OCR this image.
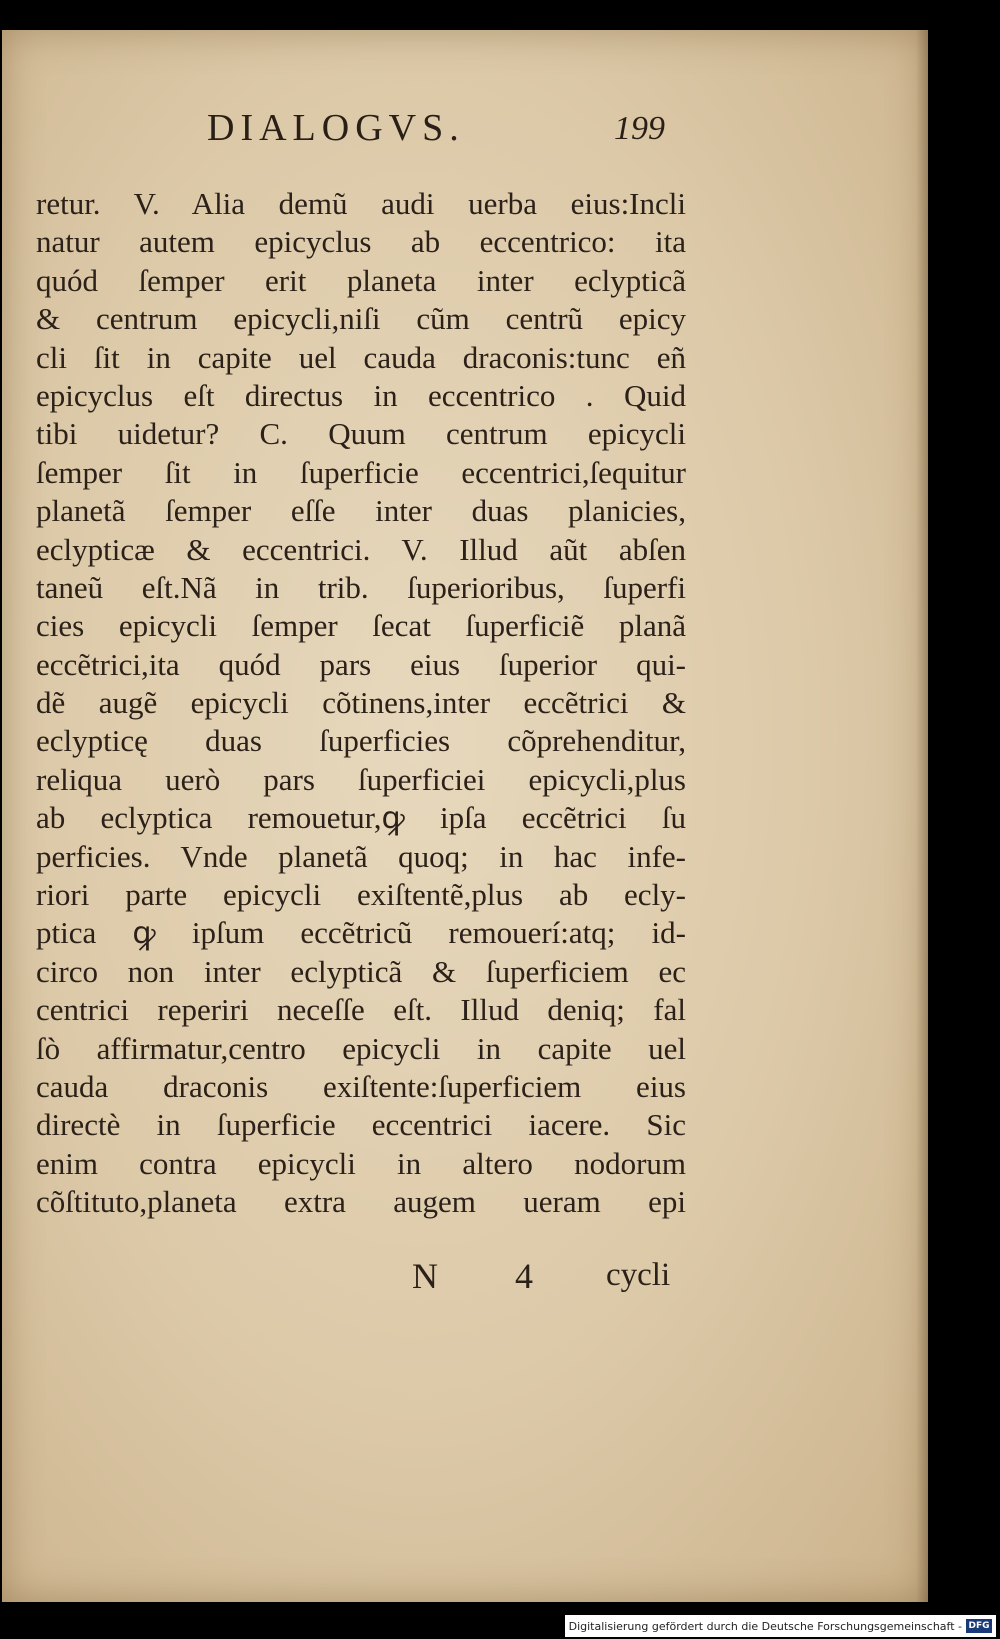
DIALOGVS.	199
retur. V. Alia demũ audi uerba eius:Incli
natur autem epicyclus ab eccentrico: ita
quód ſemper erit planeta inter eclypticã
& centrum epicycli,niſi cũm centrũ epicy
cli ſit in capite uel cauda draconis:tunc eñ
epicyclus eſt directus in eccentrico . Quid
tibi uidetur? C. Quum centrum epicycli
ſemper ſit in ſuperficie eccentrici,ſequitur
planetã ſemper eſſe inter duas planicies,
eclypticæ & eccentrici. V. Illud aũt abſen
taneũ eſt.Nã in trib. ſuperioribus, ſuperfi
cies epicycli ſemper ſecat ſuperficiẽ planã
eccẽtrici,ita quód pars eius ſuperior qui-
dẽ augẽ epicycli cõtinens,inter eccẽtrici &
eclypticę duas ſuperficies cõprehenditur,
reliqua uerò pars ſuperficiei epicycli,plus
ab eclyptica remouetur,ꝙ ipſa eccẽtrici ſu
perficies. Vnde planetã quoq; in hac infe-
riori parte epicycli exiſtentẽ,plus ab ecly-
ptica ꝙ ipſum eccẽtricũ remouerí:atq; id-
circo non inter eclypticã & ſuperficiem ec
centrici reperiri neceſſe eſt. Illud deniq; fal
ſò affirmatur,centro epicycli in capite uel
cauda draconis exiſtente:ſuperficiem eius
directè in ſuperficie eccentrici iacere. Sic
enim contra epicycli in altero nodorum
cõſtituto,planeta extra augem ueram epi
N 4 cycli
Digitalisierung gefördert durch die Deutsche Forschungsgemeinschaft - DFG
